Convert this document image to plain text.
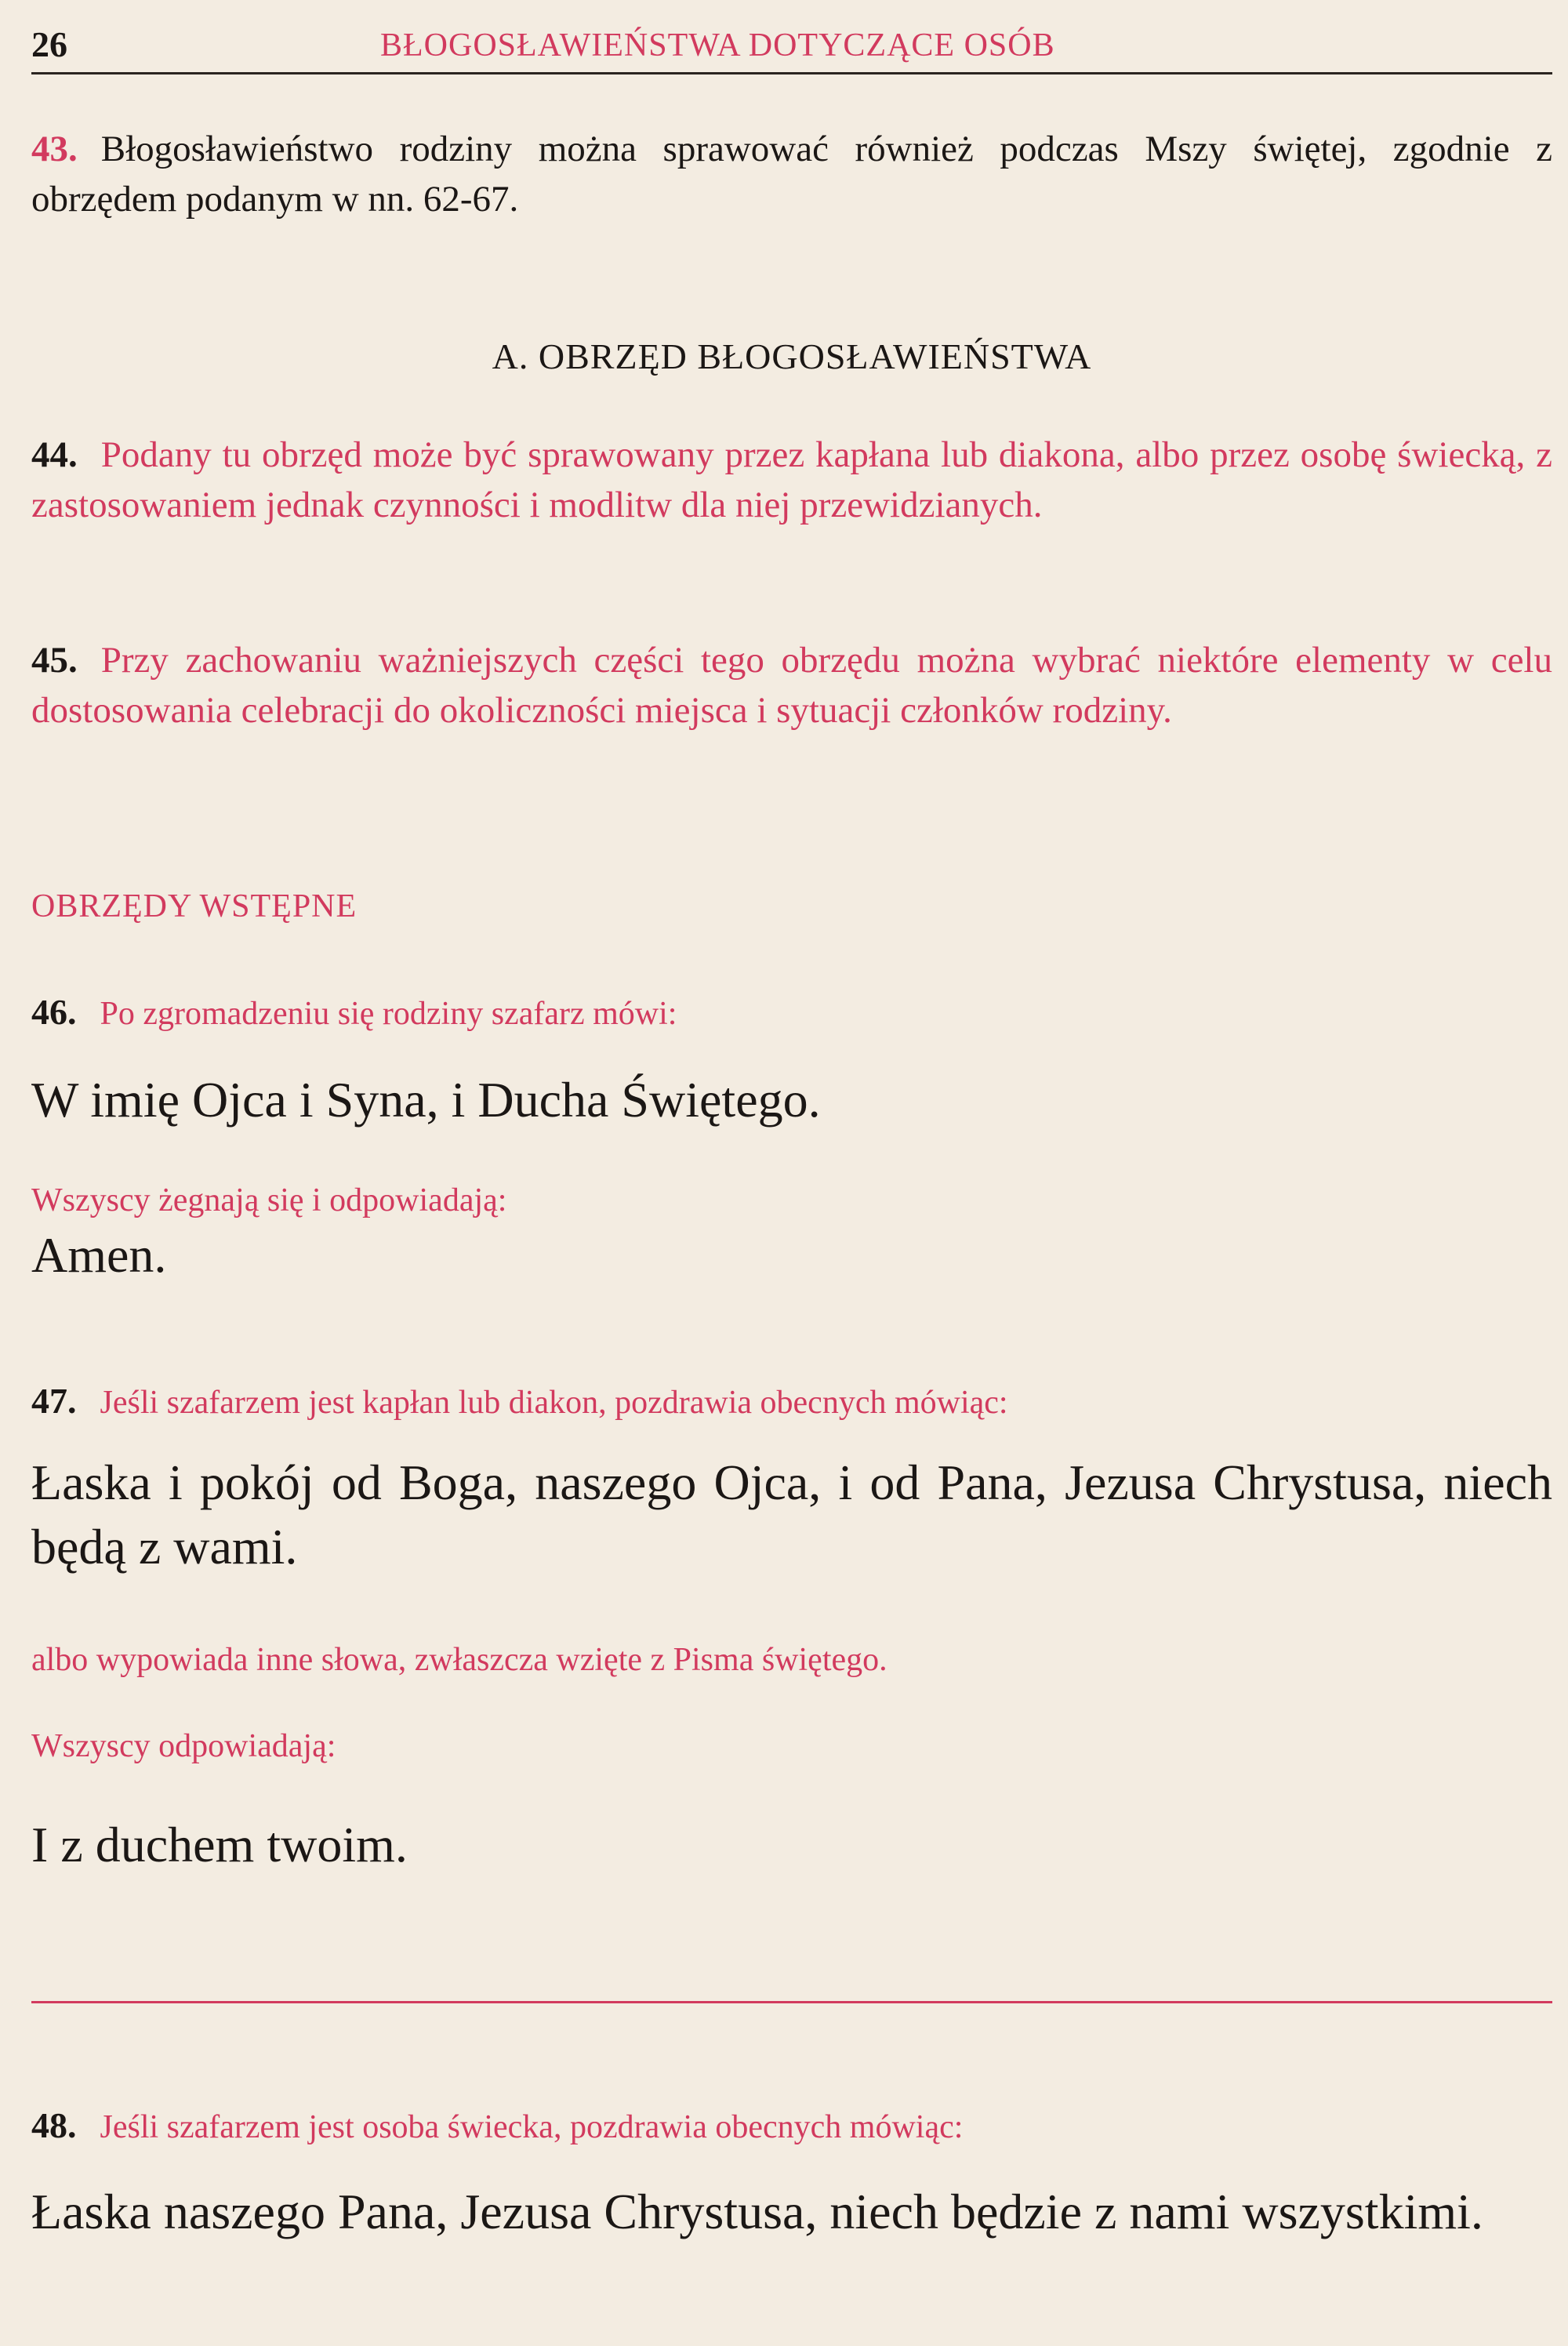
26	BŁOGOSŁAWIEŃSTWA DOTYCZĄCE OSÓB
43. Błogosławieństwo rodziny można sprawować również podczas Mszy świętej, zgodnie z obrzędem podanym w nn. 62-67.
A. OBRZĘD BŁOGOSŁAWIEŃSTWA
44. Podany tu obrzęd może być sprawowany przez kapłana lub diakona, albo przez osobę świecką, z zastosowaniem jednak czynności i modlitw dla niej przewidzianych.
45. Przy zachowaniu ważniejszych części tego obrzędu można wybrać niektóre elementy w celu dostosowania celebracji do okoliczności miejsca i sytuacji członków rodziny.
OBRZĘDY WSTĘPNE
46. Po zgromadzeniu się rodziny szafarz mówi:
W imię Ojca i Syna, i Ducha Świętego.
Wszyscy żegnają się i odpowiadają:
Amen.
47. Jeśli szafarzem jest kapłan lub diakon, pozdrawia obecnych mówiąc:
Łaska i pokój od Boga, naszego Ojca, i od Pana, Jezusa Chrystusa, niech będą z wami.
albo wypowiada inne słowa, zwłaszcza wzięte z Pisma świętego.
Wszyscy odpowiadają:
I z duchem twoim.
48. Jeśli szafarzem jest osoba świecka, pozdrawia obecnych mówiąc:
Łaska naszego Pana, Jezusa Chrystusa, niech będzie z nami wszystkimi.
